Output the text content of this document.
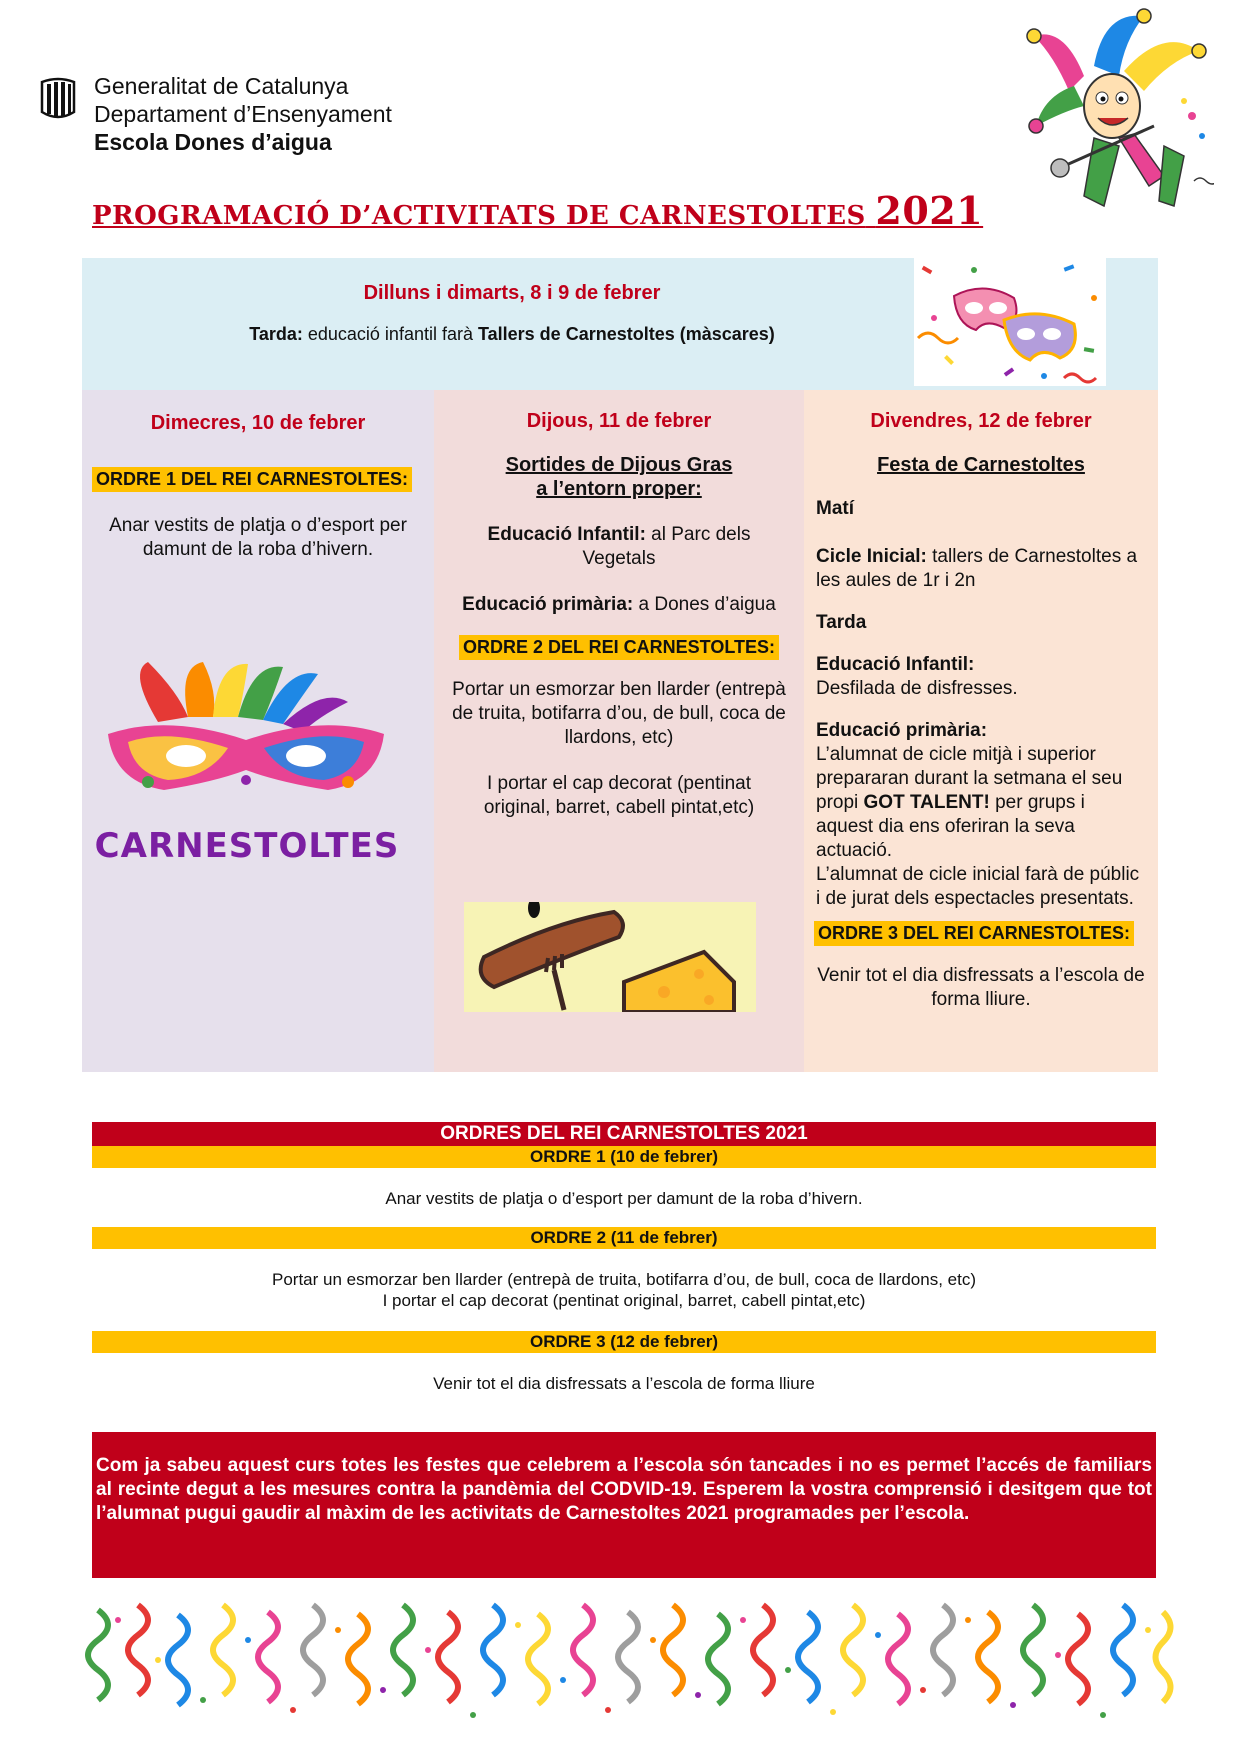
Generalitat de Catalunya
Departament d’Ensenyament
Escola Dones d’aigua
PROGRAMACIÓ D’ACTIVITATS DE CARNESTOLTES 2021
Dilluns i dimarts, 8 i 9 de febrer
Tarda: educació infantil farà Tallers de Carnestoltes (màscares)
Dimecres, 10 de febrer
ORDRE 1 DEL REI CARNESTOLTES:

Anar vestits de platja o d’esport per damunt de la roba d’hivern.

CARNESTOLTES
Dijous, 11 de febrer

Sortides de Dijous Gras

a l’entorn proper:

Educació Infantil: al Parc dels Vegetals

Educació primària: a Dones d’aigua

ORDRE 2 DEL REI CARNESTOLTES:

Portar un esmorzar ben llarder (entrepà de truita, botifarra d’ou, de bull, coca de llardons, etc)

I portar el cap decorat (pentinat original, barret, cabell pintat,etc)

Divendres, 12 de febrer

Festa de Carnestoltes

Matí

Cicle Inicial: tallers de Carnestoltes a les aules de 1r i 2n

Tarda

Educació Infantil:

Desfilada de disfresses.

Educació primària:

L’alumnat de cicle mitjà i superior prepararan durant la setmana el seu propi GOT TALENT! per grups i aquest dia ens oferiran la seva actuació.

L’alumnat de cicle inicial farà de públic i de jurat dels espectacles presentats.

ORDRE 3 DEL REI CARNESTOLTES:

Venir tot el dia disfressats a l’escola de forma lliure.

ORDRES DEL REI CARNESTOLTES 2021
ORDRE 1 (10 de febrer)
Anar vestits de platja o d’esport per damunt de la roba d’hivern.
ORDRE 2 (11 de febrer)
Portar un esmorzar ben llarder (entrepà de truita, botifarra d’ou, de bull, coca de llardons, etc)
I portar el cap decorat (pentinat original, barret, cabell pintat,etc)
ORDRE 3 (12 de febrer)
Venir tot el dia disfressats a l’escola de forma lliure
Com ja sabeu aquest curs totes les festes que celebrem a l’escola són tancades i no es permet l’accés de familiars al recinte degut a les mesures contra la pandèmia del CODVID-19. Esperem la vostra comprensió i desitgem que tot l’alumnat pugui gaudir al màxim de les activitats de Carnestoltes 2021 programades per l’escola.
